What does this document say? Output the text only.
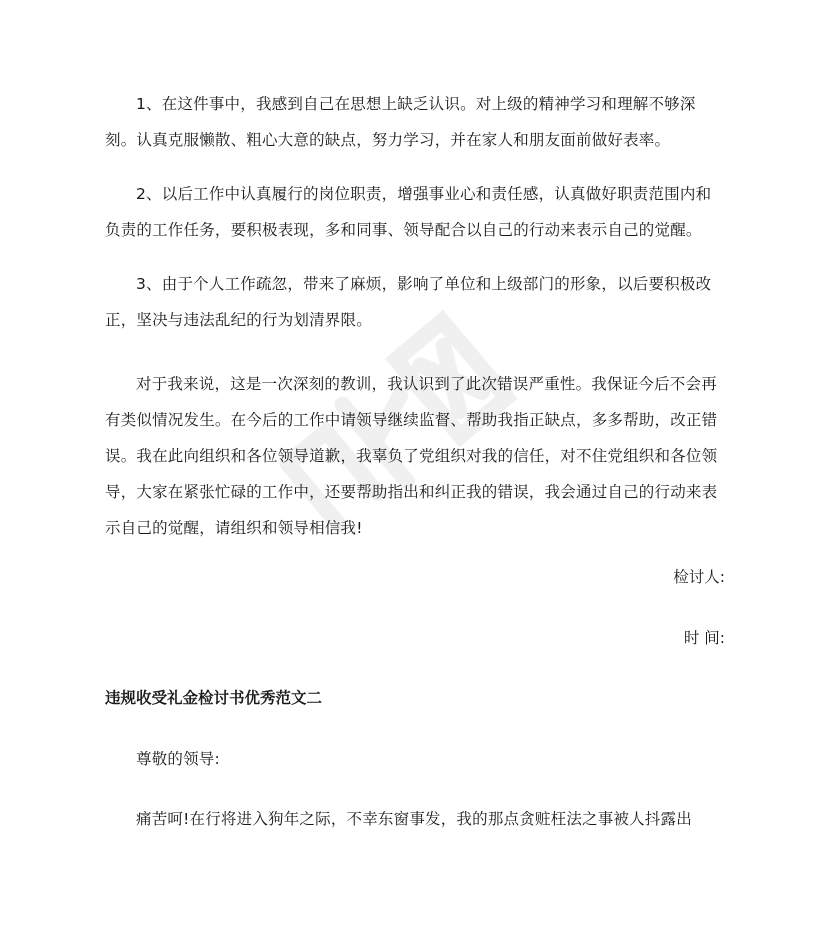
1、在这件事中，我感到自己在思想上缺乏认识。对上级的精神学习和理解不够深刻。认真克服懒散、粗心大意的缺点，努力学习，并在家人和朋友面前做好表率。

2、以后工作中认真履行的岗位职责，增强事业心和责任感，认真做好职责范围内和负责的工作任务，要积极表现，多和同事、领导配合以自己的行动来表示自己的觉醒。

3、由于个人工作疏忽，带来了麻烦，影响了单位和上级部门的形象，以后要积极改正，坚决与违法乱纪的行为划清界限。

对于我来说，这是一次深刻的教训，我认识到了此次错误严重性。我保证今后不会再有类似情况发生。在今后的工作中请领导继续监督、帮助我指正缺点，多多帮助，改正错误。我在此向组织和各位领导道歉，我辜负了党组织对我的信任，对不住党组织和各位领导，大家在紧张忙碌的工作中，还要帮助指出和纠正我的错误，我会通过自己的行动来表示自己的觉醒，请组织和领导相信我!

检讨人:

时 间:

违规收受礼金检讨书优秀范文二

尊敬的领导:

痛苦呵!在行将进入狗年之际，不幸东窗事发，我的那点贪赃枉法之事被人抖露出
